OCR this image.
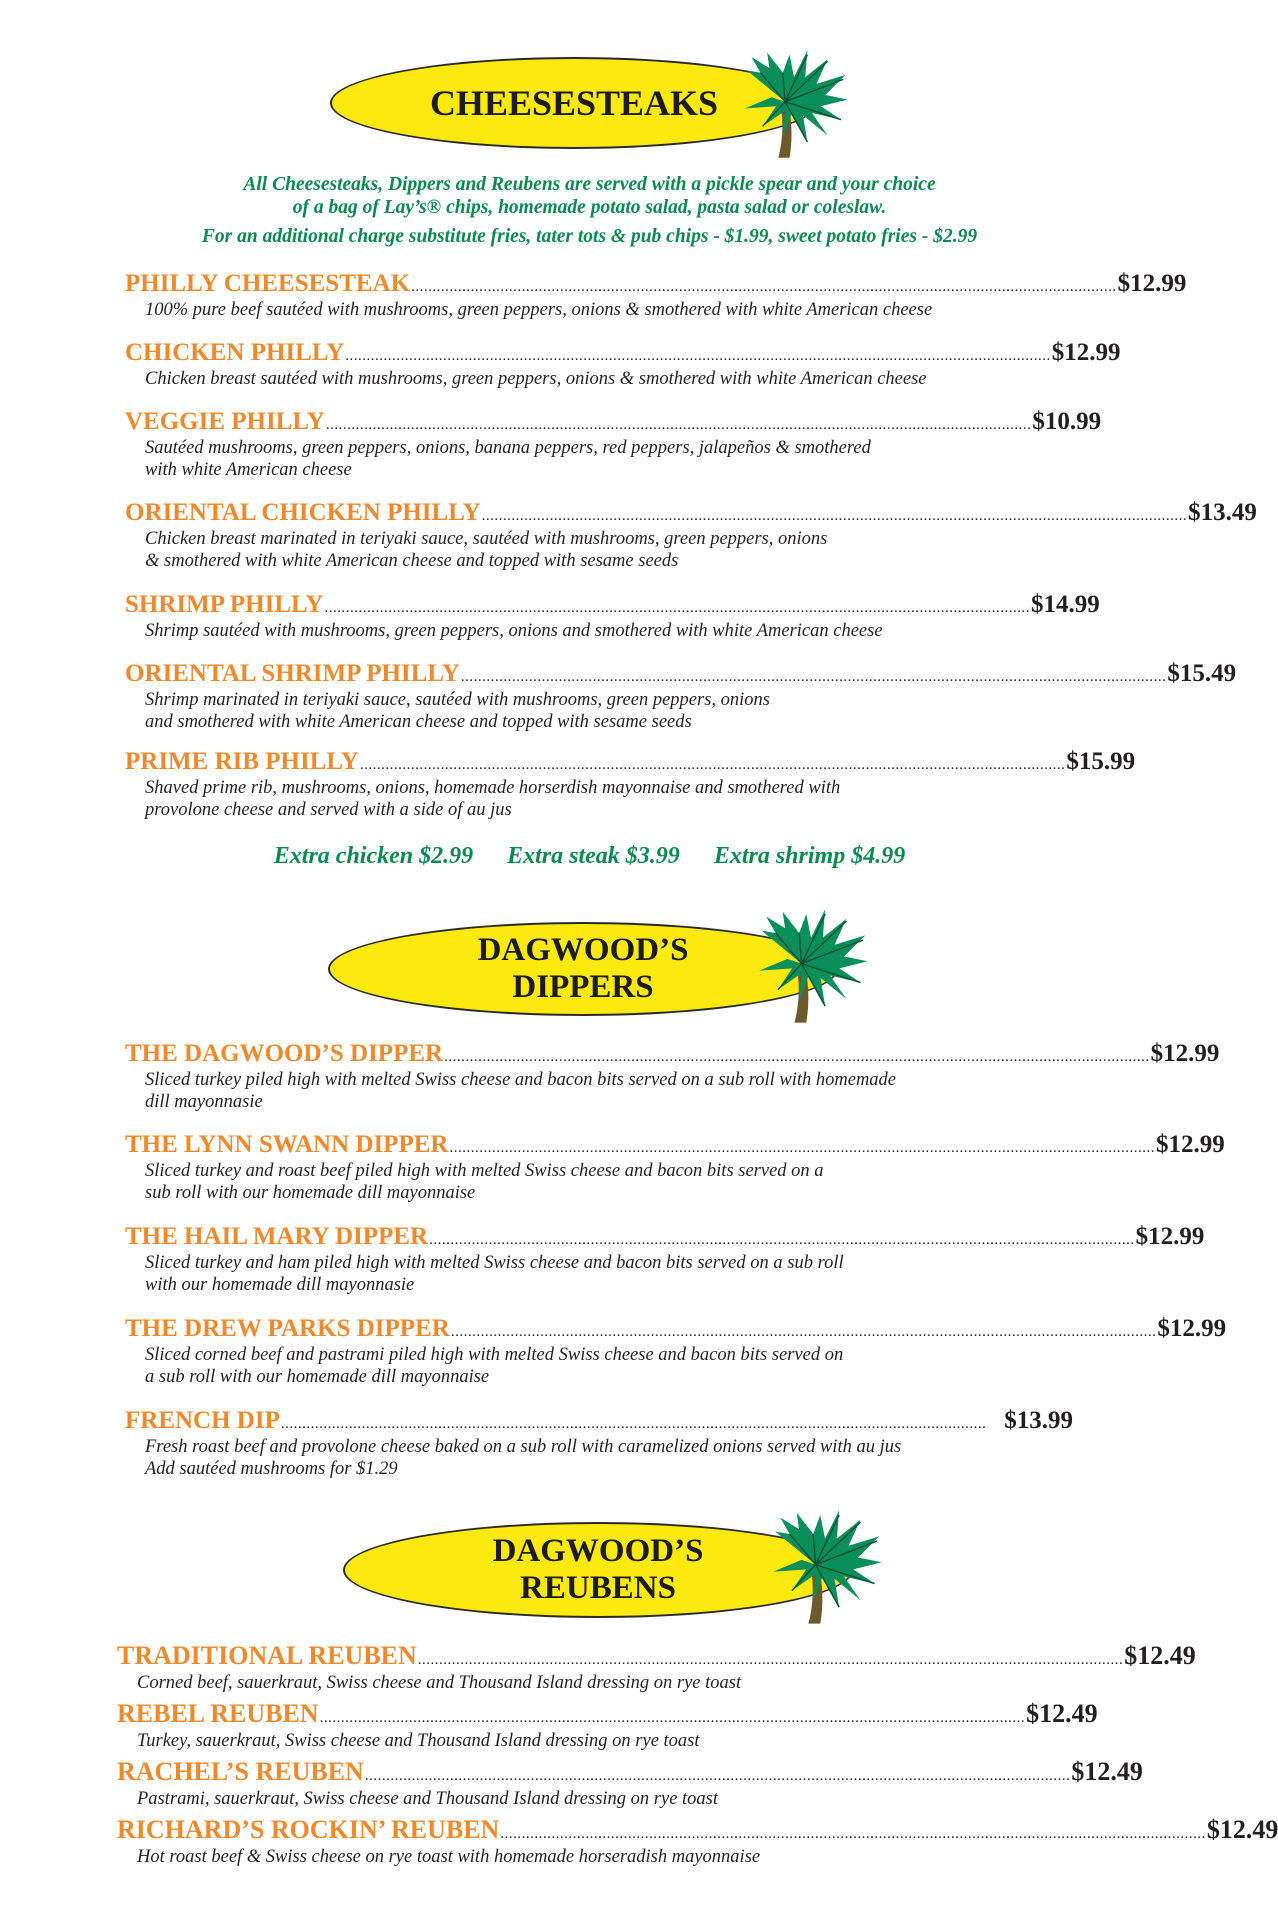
CHEESESTEAKS
All Cheesesteaks, Dippers and Reubens are served with a pickle spear and your choice
of a bag of Lay’s® chips, homemade potato salad, pasta salad or coleslaw.
For an additional charge substitute fries, tater tots & pub chips - $1.99, sweet potato fries - $2.99
PHILLY CHEESESTEAK ...................................................................................................................................................................... $12.99
100% pure beef sautéed with mushrooms, green peppers, onions & smothered with white American cheese
CHICKEN PHILLY ...................................................................................................................................................................... $12.99
Chicken breast sautéed with mushrooms, green peppers, onions & smothered with white American cheese
VEGGIE PHILLY ...................................................................................................................................................................... $10.99
Sautéed mushrooms, green peppers, onions, banana peppers, red peppers, jalapeños & smothered
with white American cheese
ORIENTAL CHICKEN PHILLY ...................................................................................................................................................................... $13.49
Chicken breast marinated in teriyaki sauce, sautéed with mushrooms, green peppers, onions
& smothered with white American cheese and topped with sesame seeds
SHRIMP PHILLY ...................................................................................................................................................................... $14.99
Shrimp sautéed with mushrooms, green peppers, onions and smothered with white American cheese
ORIENTAL SHRIMP PHILLY ...................................................................................................................................................................... $15.49
Shrimp marinated in teriyaki sauce, sautéed with mushrooms, green peppers, onions
and smothered with white American cheese and topped with sesame seeds
PRIME RIB PHILLY ...................................................................................................................................................................... $15.99
Shaved prime rib, mushrooms, onions, homemade horserdish mayonnaise and smothered with
provolone cheese and served with a side of au jus
Extra chicken $2.99 Extra steak $3.99 Extra shrimp $4.99
DAGWOOD’S
DIPPERS
THE DAGWOOD’S DIPPER ...................................................................................................................................................................... $12.99
Sliced turkey piled high with melted Swiss cheese and bacon bits served on a sub roll with homemade
dill mayonnasie
THE LYNN SWANN DIPPER ...................................................................................................................................................................... $12.99
Sliced turkey and roast beef piled high with melted Swiss cheese and bacon bits served on a
sub roll with our homemade dill mayonnaise
THE HAIL MARY DIPPER ...................................................................................................................................................................... $12.99
Sliced turkey and ham piled high with melted Swiss cheese and bacon bits served on a sub roll
with our homemade dill mayonnasie
THE DREW PARKS DIPPER ...................................................................................................................................................................... $12.99
Sliced corned beef and pastrami piled high with melted Swiss cheese and bacon bits served on
a sub roll with our homemade dill mayonnaise
FRENCH DIP ...................................................................................................................................................................... $13.99
Fresh roast beef and provolone cheese baked on a sub roll with caramelized onions served with au jus
Add sautéed mushrooms for $1.29
DAGWOOD’S
REUBENS
TRADITIONAL REUBEN ...................................................................................................................................................................... $12.49
Corned beef, sauerkraut, Swiss cheese and Thousand Island dressing on rye toast
REBEL REUBEN ...................................................................................................................................................................... $12.49
Turkey, sauerkraut, Swiss cheese and Thousand Island dressing on rye toast
RACHEL’S REUBEN ...................................................................................................................................................................... $12.49
Pastrami, sauerkraut, Swiss cheese and Thousand Island dressing on rye toast
RICHARD’S ROCKIN’ REUBEN ...................................................................................................................................................................... $12.49
Hot roast beef & Swiss cheese on rye toast with homemade horseradish mayonnaise
